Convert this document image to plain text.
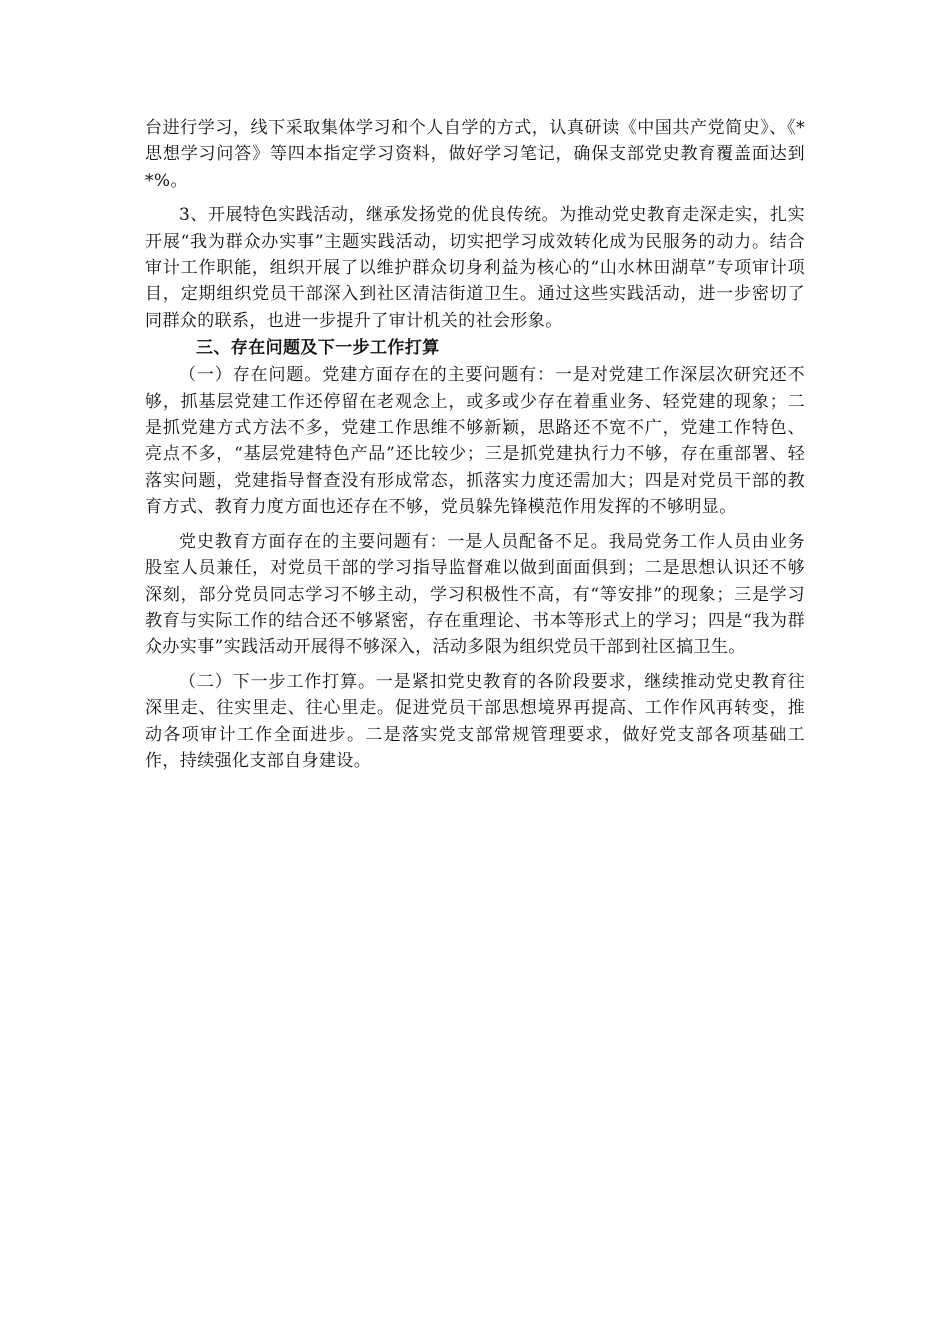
台进行学习，线下采取集体学习和个人自学的方式，认真研读《中国共产党简史》、《*思想学习问答》等四本指定学习资料，做好学习笔记，确保支部党史教育覆盖面达到*%。

3、开展特色实践活动，继承发扬党的优良传统。为推动党史教育走深走实，扎实开展“我为群众办实事”主题实践活动，切实把学习成效转化成为民服务的动力。结合审计工作职能，组织开展了以维护群众切身利益为核心的“山水林田湖草”专项审计项目，定期组织党员干部深入到社区清洁街道卫生。通过这些实践活动，进一步密切了同群众的联系，也进一步提升了审计机关的社会形象。

三、存在问题及下一步工作打算

（一）存在问题。党建方面存在的主要问题有：一是对党建工作深层次研究还不够，抓基层党建工作还停留在老观念上，或多或少存在着重业务、轻党建的现象；二是抓党建方式方法不多，党建工作思维不够新颖，思路还不宽不广，党建工作特色、亮点不多，“基层党建特色产品”还比较少；三是抓党建执行力不够，存在重部署、轻落实问题，党建指导督查没有形成常态，抓落实力度还需加大；四是对党员干部的教育方式、教育力度方面也还存在不够，党员躲先锋模范作用发挥的不够明显。

党史教育方面存在的主要问题有：一是人员配备不足。我局党务工作人员由业务股室人员兼任，对党员干部的学习指导监督难以做到面面俱到；二是思想认识还不够深刻，部分党员同志学习不够主动，学习积极性不高，有“等安排”的现象；三是学习教育与实际工作的结合还不够紧密，存在重理论、书本等形式上的学习；四是“我为群众办实事”实践活动开展得不够深入，活动多限为组织党员干部到社区搞卫生。

（二）下一步工作打算。一是紧扣党史教育的各阶段要求，继续推动党史教育往深里走、往实里走、往心里走。促进党员干部思想境界再提高、工作作风再转变，推动各项审计工作全面进步。二是落实党支部常规管理要求，做好党支部各项基础工作，持续强化支部自身建设。
